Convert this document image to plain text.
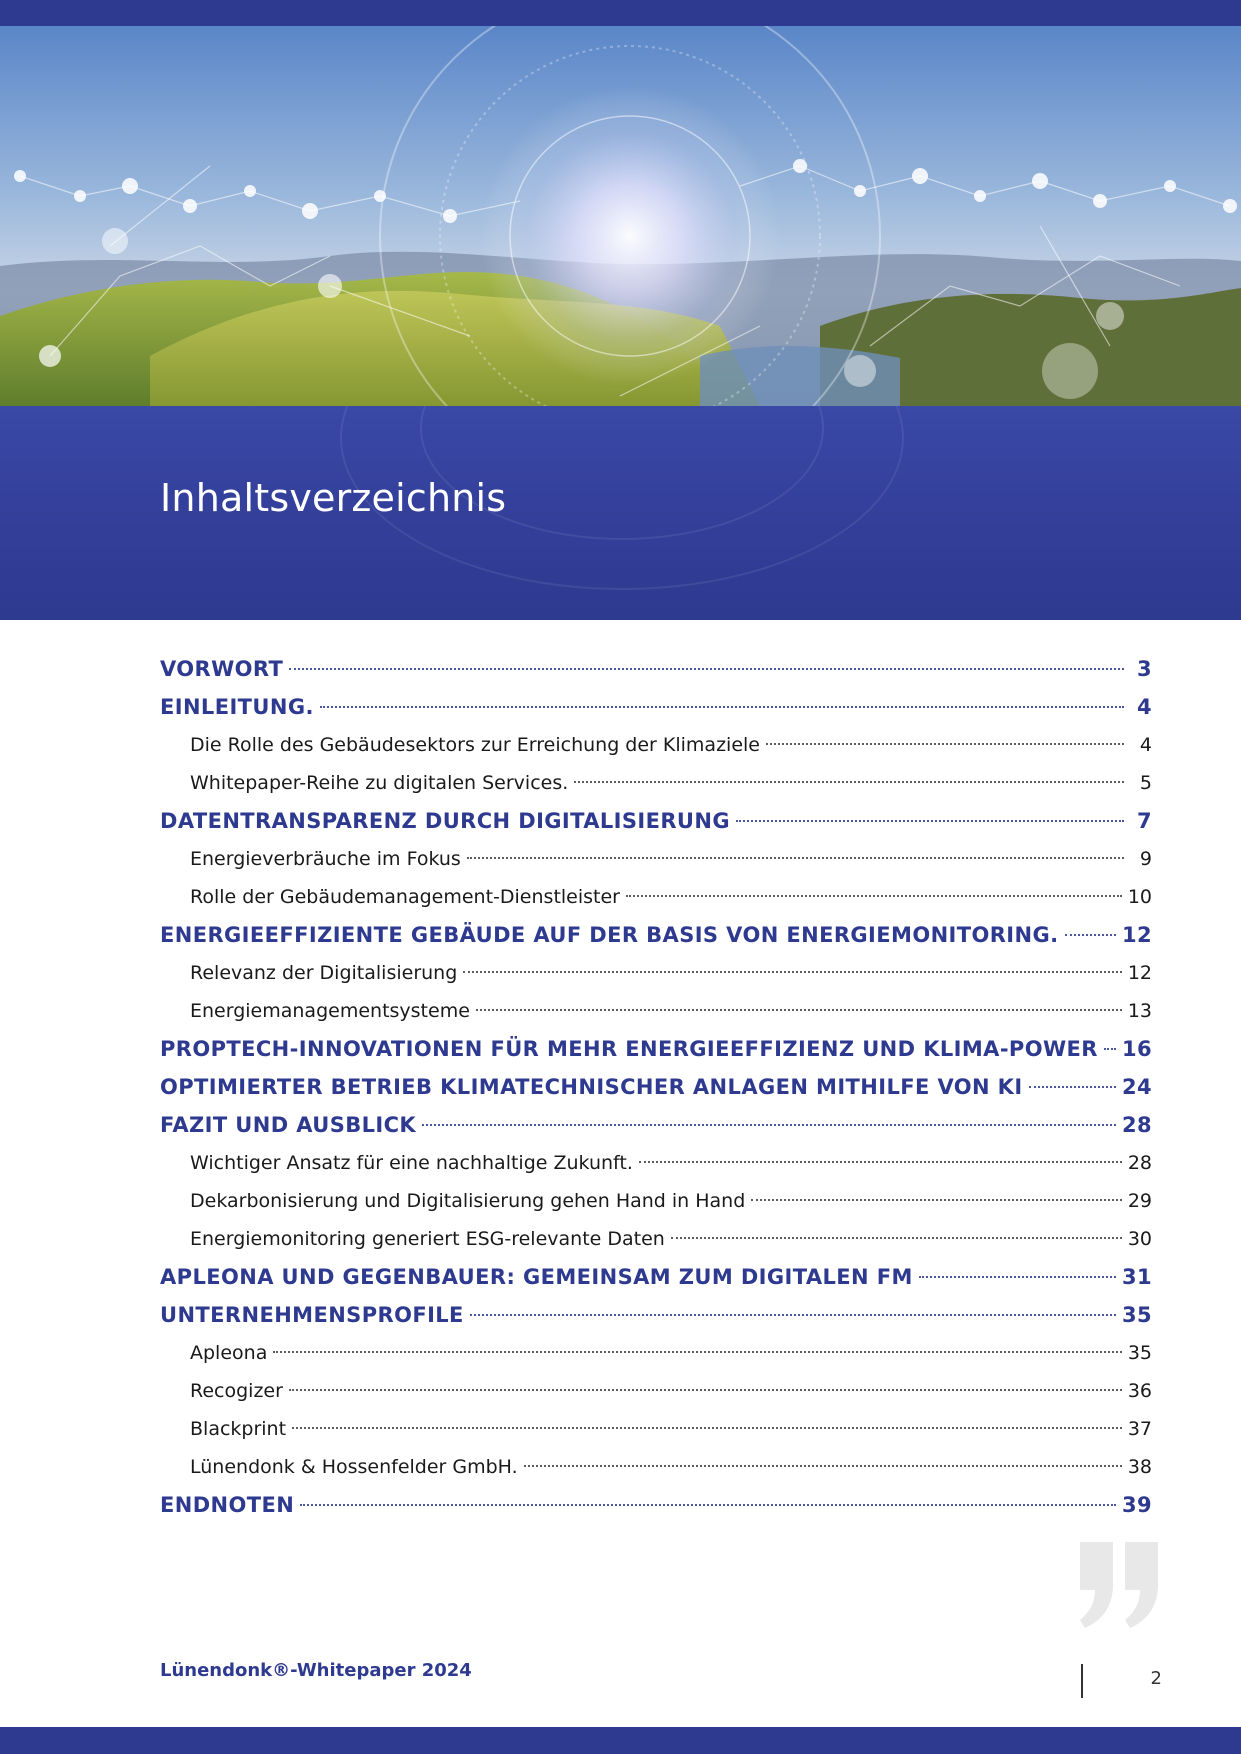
Inhaltsverzeichnis
VORWORT	3
EINLEITUNG.	4
Die Rolle des Gebäudesektors zur Erreichung der Klimaziele	4
Whitepaper-Reihe zu digitalen Services.	5
DATENTRANSPARENZ DURCH DIGITALISIERUNG	7
Energieverbräuche im Fokus	9
Rolle der Gebäudemanagement-Dienstleister	10
ENERGIEEFFIZIENTE GEBÄUDE AUF DER BASIS VON ENERGIEMONITORING.	12
Relevanz der Digitalisierung	12
Energiemanagementsysteme	13
PROPTECH-INNOVATIONEN FÜR MEHR ENERGIEEFFIZIENZ UND KLIMA-POWER 16
OPTIMIERTER BETRIEB KLIMATECHNISCHER ANLAGEN MITHILFE VON KI	24
FAZIT UND AUSBLICK	28
Wichtiger Ansatz für eine nachhaltige Zukunft.	28
Dekarbonisierung und Digitalisierung gehen Hand in Hand	29
Energiemonitoring generiert ESG-relevante Daten	30
APLEONA UND GEGENBAUER: GEMEINSAM ZUM DIGITALEN FM	31
UNTERNEHMENSPROFILE	35
Apleona	35
Recogizer	36
Blackprint	37
Lünendonk & Hossenfelder GmbH.	38
ENDNOTEN	39
Lünendonk®-Whitepaper 2024	2
